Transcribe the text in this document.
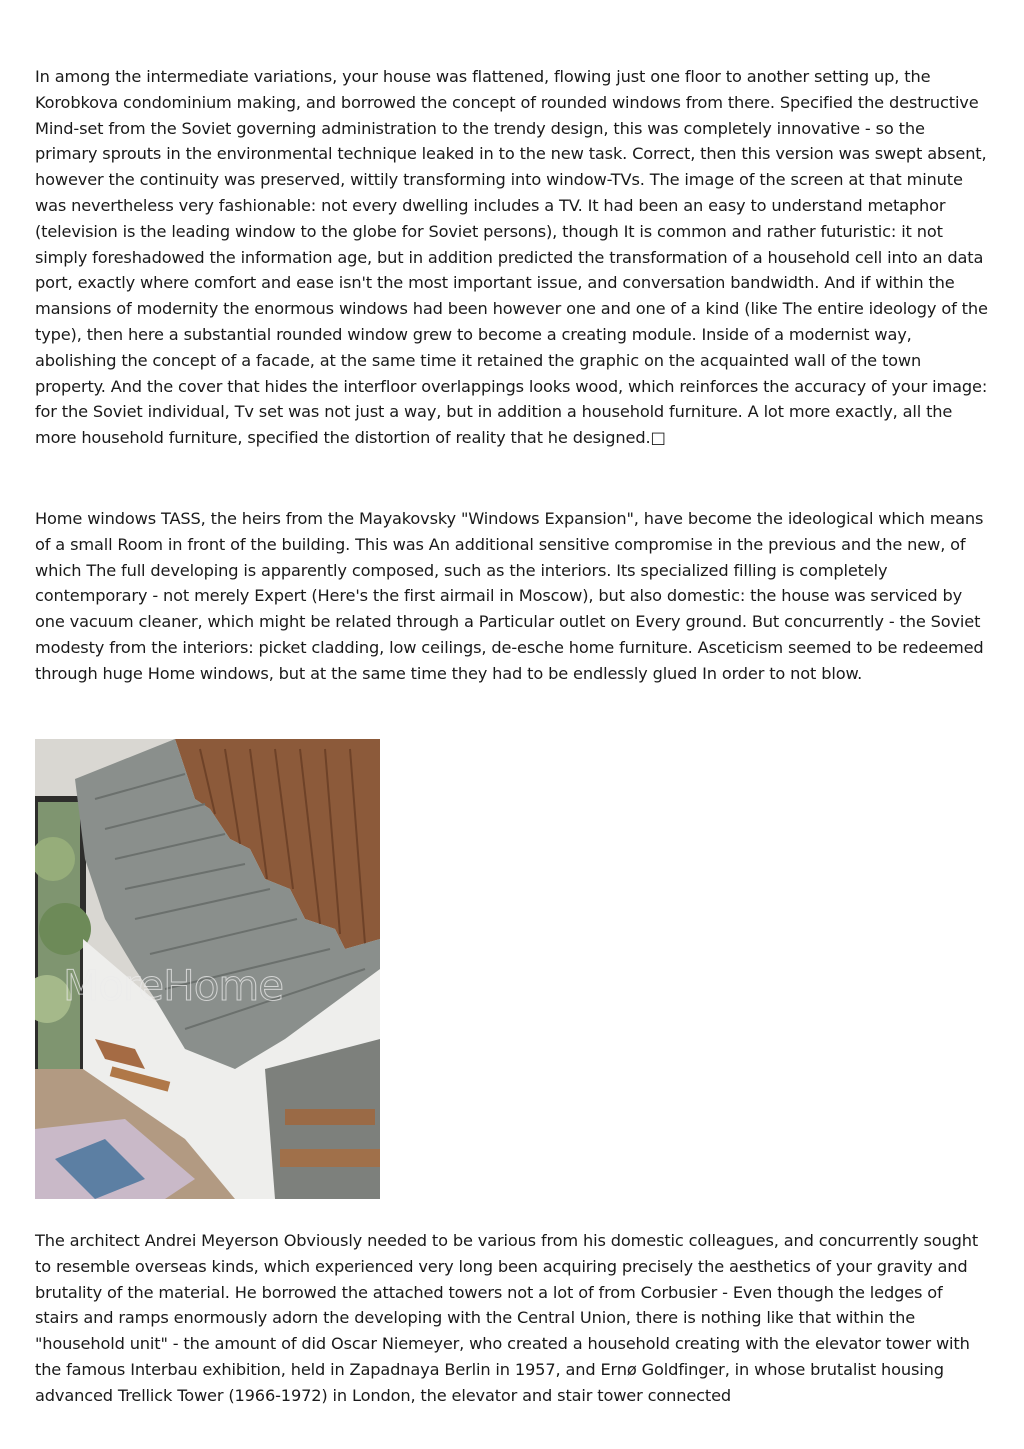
In among the intermediate variations, your house was flattened, flowing just one floor to another setting up, the Korobkova condominium making, and borrowed the concept of rounded windows from there. Specified the destructive Mind-set from the Soviet governing administration to the trendy design, this was completely innovative - so the primary sprouts in the environmental technique leaked in to the new task. Correct, then this version was swept absent, however the continuity was preserved, wittily transforming into window-TVs. The image of the screen at that minute was nevertheless very fashionable: not every dwelling includes a TV. It had been an easy to understand metaphor (television is the leading window to the globe for Soviet persons), though It is common and rather futuristic: it not simply foreshadowed the information age, but in addition predicted the transformation of a household cell into an data port, exactly where comfort and ease isn't the most important issue, and conversation bandwidth. And if within the mansions of modernity the enormous windows had been however one and one of a kind (like The entire ideology of the type), then here a substantial rounded window grew to become a creating module. Inside of a modernist way, abolishing the concept of a facade, at the same time it retained the graphic on the acquainted wall of the town property. And the cover that hides the interfloor overlappings looks wood, which reinforces the accuracy of your image: for the Soviet individual, Tv set was not just a way, but in addition a household furniture. A lot more exactly, all the more household furniture, specified the distortion of reality that he designed.□

Home windows TASS, the heirs from the Mayakovsky "Windows Expansion", have become the ideological which means of a small Room in front of the building. This was An additional sensitive compromise in the previous and the new, of which The full developing is apparently composed, such as the interiors. Its specialized filling is completely contemporary - not merely Expert (Here's the first airmail in Moscow), but also domestic: the house was serviced by one vacuum cleaner, which might be related through a Particular outlet on Every ground. But concurrently - the Soviet modesty from the interiors: picket cladding, low ceilings, de-esche home furniture. Asceticism seemed to be redeemed through huge Home windows, but at the same time they had to be endlessly glued In order to not blow.

MoreHome

The architect Andrei Meyerson Obviously needed to be various from his domestic colleagues, and concurrently sought to resemble overseas kinds, which experienced very long been acquiring precisely the aesthetics of your gravity and brutality of the material. He borrowed the attached towers not a lot of from Corbusier - Even though the ledges of stairs and ramps enormously adorn the developing with the Central Union, there is nothing like that within the "household unit" - the amount of did Oscar Niemeyer, who created a household creating with the elevator tower with the famous Interbau exhibition, held in Zapadnaya Berlin in 1957, and Ernø Goldfinger, in whose brutalist housing advanced Trellick Tower (1966-1972) in London, the elevator and stair tower connected
